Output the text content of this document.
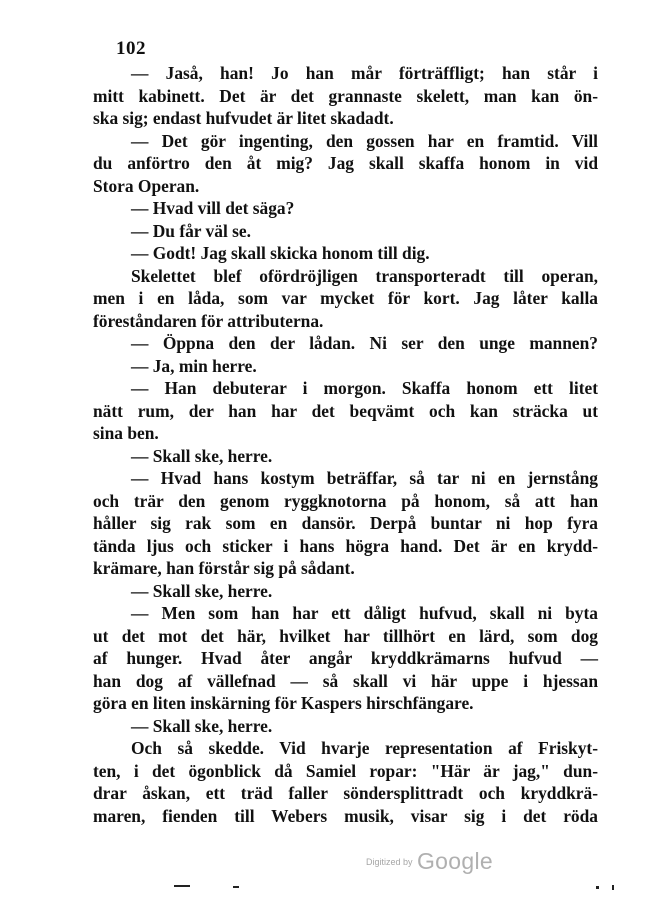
102
— Jaså, han! Jo han mår förträffligt; han står i
mitt kabinett. Det är det grannaste skelett, man kan ön-
ska sig; endast hufvudet är litet skadadt.
— Det gör ingenting, den gossen har en framtid. Vill
du anförtro den åt mig? Jag skall skaffa honom in vid
Stora Operan.
— Hvad vill det säga?
— Du får väl se.
— Godt! Jag skall skicka honom till dig.
Skelettet blef ofördröjligen transporteradt till operan,
men i en låda, som var mycket för kort. Jag låter kalla
föreståndaren för attributerna.
— Öppna den der lådan. Ni ser den unge mannen?
— Ja, min herre.
— Han debuterar i morgon. Skaffa honom ett litet
nätt rum, der han har det beqvämt och kan sträcka ut
sina ben.
— Skall ske, herre.
— Hvad hans kostym beträffar, så tar ni en jernstång
och trär den genom ryggknotorna på honom, så att han
håller sig rak som en dansör. Derpå buntar ni hop fyra
tända ljus och sticker i hans högra hand. Det är en krydd-
krämare, han förstår sig på sådant.
— Skall ske, herre.
— Men som han har ett dåligt hufvud, skall ni byta
ut det mot det här, hvilket har tillhört en lärd, som dog
af hunger. Hvad åter angår kryddkrämarns hufvud —
han dog af vällefnad — så skall vi här uppe i hjessan
göra en liten inskärning för Kaspers hirschfängare.
— Skall ske, herre.
Och så skedde. Vid hvarje representation af Friskyt-
ten, i det ögonblick då Samiel ropar: "Här är jag," dun-
drar åskan, ett träd faller söndersplittradt och kryddkrä-
maren, fienden till Webers musik, visar sig i det röda
$^{Digitized by}$ Google
